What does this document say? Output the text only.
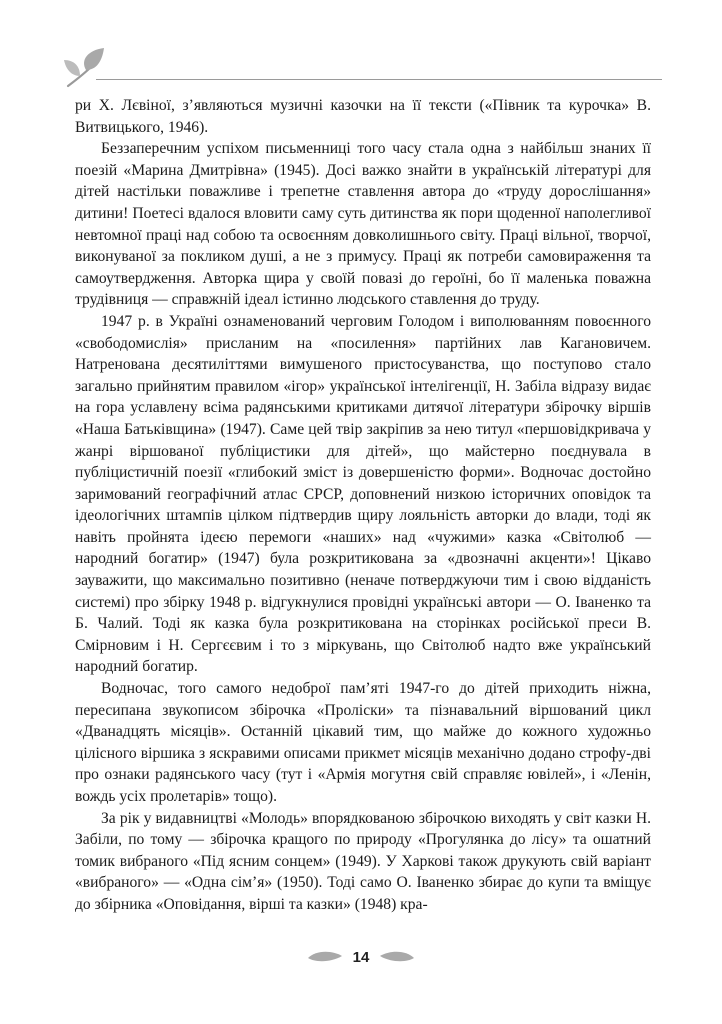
ри Х. Лєвіної, з’являються музичні казочки на її тексти («Півник та курочка» В. Витвицького, 1946).

Беззаперечним успіхом письменниці того часу стала одна з найбільш знаних її поезій «Марина Дмитрівна» (1945). Досі важко знайти в українській літературі для дітей настільки поважливе і трепетне ставлення автора до «труду дорослішання» дитини! Поетесі вдалося вловити саму суть дитинства як пори щоденної наполегливої невтомної праці над собою та освоєнням довколишнього світу. Праці вільної, творчої, виконуваної за покликом душі, а не з примусу. Праці як потреби самовираження та самоутвердження. Авторка щира у своїй повазі до героїні, бо її маленька поважна трудівниця — справжній ідеал істинно людського ставлення до труду.

1947 р. в Україні ознаменований черговим Голодом і виполюванням повоєнного «свободомислія» присланим на «посилення» партійних лав Кагановичем. Натренована десятиліттями вимушеного пристосуванства, що поступово стало загально прийнятим правилом «ігор» української інтелігенції, Н. Забіла відразу видає на гора уславлену всіма радянськими критиками дитячої літератури збірочку віршів «Наша Батьківщина» (1947). Саме цей твір закріпив за нею титул «першовідкривача у жанрі віршованої публіцистики для дітей», що майстерно поєднувала в публіцистичній поезії «глибокий зміст із довершеністю форми». Водночас достойно заримований географічний атлас СРСР, доповнений низкою історичних оповідок та ідеологічних штампів цілком підтвердив щиру лояльність авторки до влади, тоді як навіть пройнята ідеєю перемоги «наших» над «чужими» казка «Світолюб — народний богатир» (1947) була розкритикована за «двозначні акценти»! Цікаво зауважити, що максимально позитивно (неначе потверджуючи тим і свою відданість системі) про збірку 1948 р. відгукнулися провідні українські автори — О. Іваненко та Б. Чалий. Тоді як казка була розкритикована на сторінках російської преси В. Смірновим і Н. Сергєєвим і то з міркувань, що Світолюб надто вже український народний богатир.

Водночас, того самого недоброї пам’яті 1947-го до дітей приходить ніжна, пересипана звукописом збірочка «Проліски» та пізнавальний віршований цикл «Дванадцять місяців». Останній цікавий тим, що майже до кожного художньо цілісного віршика з яскравими описами прикмет місяців механічно додано строфу-дві про ознаки радянського часу (тут і «Армія могутня свій справляє ювілей», і «Ленін, вождь усіх пролетарів» тощо).

За рік у видавництві «Молодь» впорядкованою збірочкою виходять у світ казки Н. Забіли, по тому — збірочка кращого по природу «Прогулянка до лісу» та ошатний томик вибраного «Під ясним сонцем» (1949). У Харкові також друкують свій варіант «вибраного» — «Одна сім’я» (1950). Тоді само О. Іваненко збирає до купи та вміщує до збірника «Оповідання, вірші та казки» (1948) кра-

14
